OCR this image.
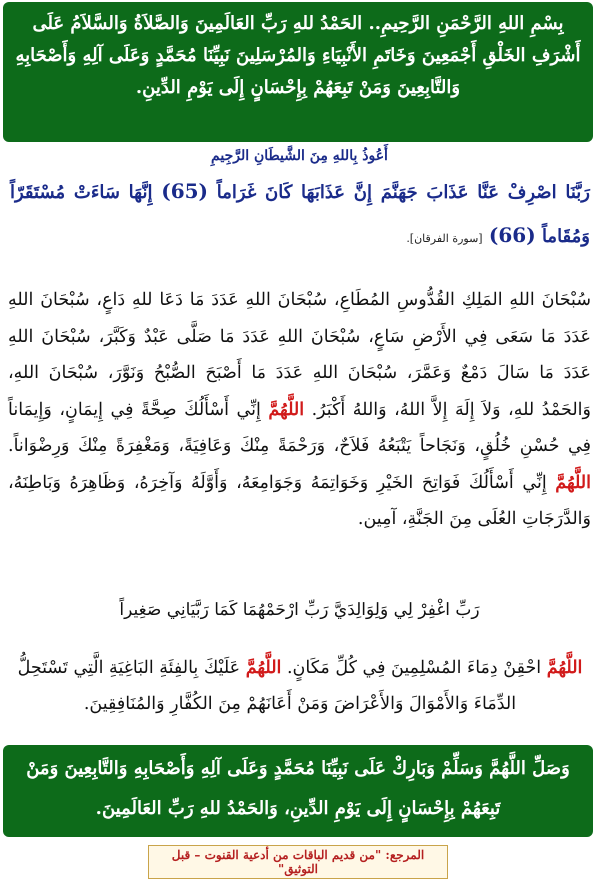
بِسْمِ اللهِ الرَّحْمَنِ الرَّحِيمِ.. الحَمْدُ للهِ رَبِّ العَالَمِينَ وَالصَّلاَةُ وَالسَّلاَمُ عَلَى أَشْرَفِ الخَلْقِ أَجْمَعِينَ وَخَاتَمِ الأَنْبِيَاءِ وَالمُرْسَلِينَ نَبِيِّنَا مُحَمَّدٍ وَعَلَى آلِهِ وَأَصْحَابِهِ وَالتَّابِعِينَ وَمَنْ تَبِعَهُمْ بِإِحْسَانٍ إِلَى يَوْمِ الدِّينِ.
أَعُوذُ بِاللهِ مِنَ الشَّيطَانِ الرَّجِيمِ
رَبَّنَا اصْرِفْ عَنَّا عَذَابَ جَهَنَّمَ إِنَّ عَذَابَهَا كَانَ غَرَاماً (65) إِنَّهَا سَاءَتْ مُسْتَقَرّاً وَمُقَاماً (66) [سورة الفرقان].
سُبْحَانَ اللهِ المَلِكِ القُدُّوسِ المُطَاعِ، سُبْحَانَ اللهِ عَدَدَ مَا دَعَا للهِ دَاعٍ، سُبْحَانَ اللهِ عَدَدَ مَا سَعَى فِي الأَرْضِ سَاعٍ، سُبْحَانَ اللهِ عَدَدَ مَا صَلَّى عَبْدٌ وَكَبَّرَ، سُبْحَانَ اللهِ عَدَدَ مَا سَالَ دَمْعٌ وَعَمَّرَ، سُبْحَانَ اللهِ عَدَدَ مَا أَصْبَحَ الصُّبْحُ وَنَوَّرَ، سُبْحَانَ اللهِ، وَالحَمْدُ للهِ، وَلاَ إِلَهَ إِلاَّ اللهُ، وَاللهُ أَكْبَرُ. اللَّهُمَّ إِنِّي أَسْأَلُكَ صِحَّةً فِي إِيمَانٍ، وَإِيمَاناً فِي حُسْنِ خُلُقٍ، وَنَجَاحاً يَتْبَعُهُ فَلاَحٌ، وَرَحْمَةً مِنْكَ وَعَافِيَةً، وَمَغْفِرَةً مِنْكَ وَرِضْوَاناً. اللَّهُمَّ إِنِّي أَسْأَلُكَ فَوَاتِحَ الخَيْرِ وَخَوَاتِمَهُ وَجَوَامِعَهُ، وَأَوَّلَهُ وَآخِرَهُ، وَظَاهِرَهُ وَبَاطِنَهُ، وَالدَّرَجَاتِ العُلَى مِنَ الجَنَّةِ، آمِين.
رَبِّ اغْفِرْ لِي وَلِوَالِدَيَّ رَبِّ ارْحَمْهُمَا كَمَا رَبَّيَانِي صَغِيراً
اللَّهُمَّ احْقِنْ دِمَاءَ المُسْلِمِينَ فِي كُلِّ مَكَانٍ. اللَّهُمَّ عَلَيْكَ بِالفِئَةِ البَاغِيَةِ الَّتِي تَسْتَحِلُّ الدِّمَاءَ وَالأَمْوَالَ وَالأَعْرَاضَ وَمَنْ أَعَانَهُمْ مِنَ الكُفَّارِ وَالمُنَافِقِينَ.
وَصَلِّ اللَّهُمَّ وَسَلِّمْ وَبَارِكْ عَلَى نَبِيِّنَا مُحَمَّدٍ وَعَلَى آلِهِ وَأَصْحَابِهِ وَالتَّابِعِينَ وَمَنْ تَبِعَهُمْ بِإِحْسَانٍ إِلَى يَوْمِ الدِّينِ، وَالحَمْدُ للهِ رَبِّ العَالَمِينَ.
المرجع: "من قديم الباقات من أدعية القنوت – قبل التوثيق"
